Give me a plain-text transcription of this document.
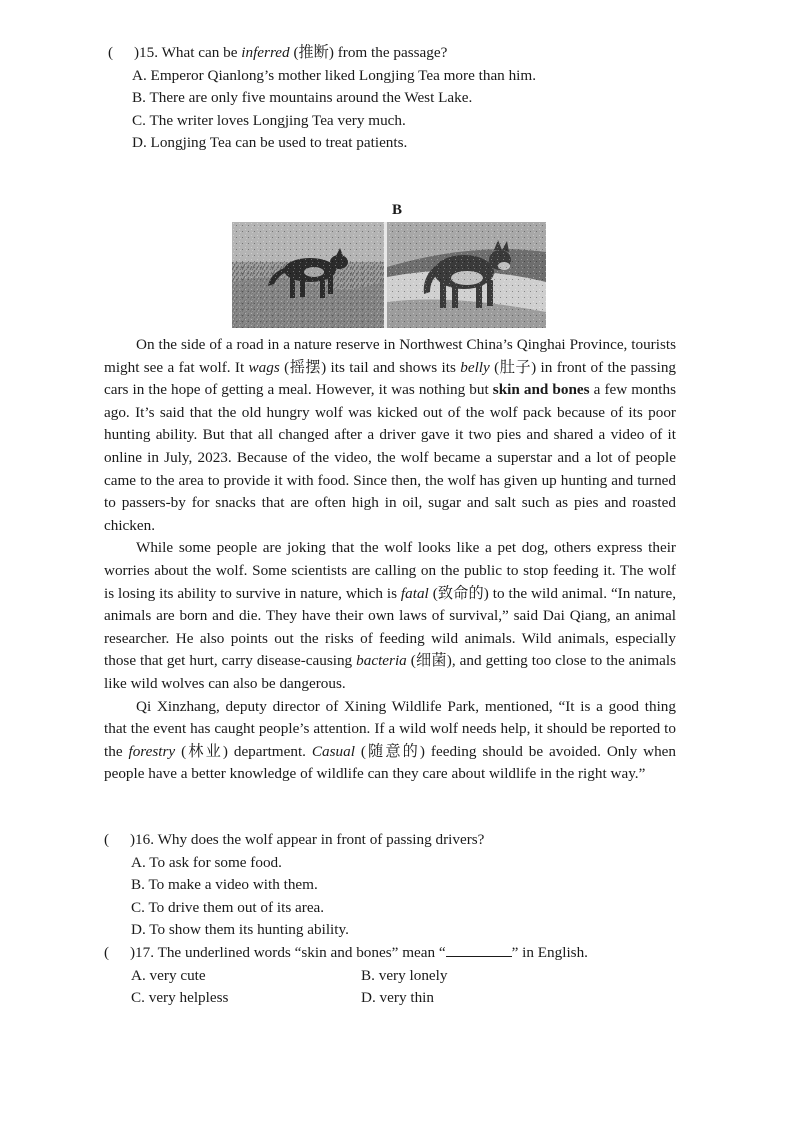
( )15. What can be inferred (推断) from the passage?
A. Emperor Qianlong’s mother liked Longjing Tea more than him.
B. There are only five mountains around the West Lake.
C. The writer loves Longjing Tea very much.
D. Longjing Tea can be used to treat patients.
B

On the side of a road in a nature reserve in Northwest China’s Qinghai Province, tourists might see a fat wolf. It wags (摇摆) its tail and shows its belly (肚子) in front of the passing cars in the hope of getting a meal. However, it was nothing but skin and bones a few months ago. It’s said that the old hungry wolf was kicked out of the wolf pack because of its poor hunting ability. But that all changed after a driver gave it two pies and shared a video of it online in July, 2023. Because of the video, the wolf became a superstar and a lot of people came to the area to provide it with food. Since then, the wolf has given up hunting and turned to passers-by for snacks that are often high in oil, sugar and salt such as pies and roasted chicken.

While some people are joking that the wolf looks like a pet dog, others express their worries about the wolf. Some scientists are calling on the public to stop feeding it. The wolf is losing its ability to survive in nature, which is fatal (致命的) to the wild animal. “In nature, animals are born and die. They have their own laws of survival,” said Dai Qiang, an animal researcher. He also points out the risks of feeding wild animals. Wild animals, especially those that get hurt, carry disease-causing bacteria (细菌), and getting too close to the animals like wild wolves can also be dangerous.

Qi Xinzhang, deputy director of Xining Wildlife Park, mentioned, “It is a good thing that the event has caught people’s attention. If a wild wolf needs help, it should be reported to the forestry (林业) department. Casual (随意的) feeding should be avoided. Only when people have a better knowledge of wildlife can they care about wildlife in the right way.”

( )16. Why does the wolf appear in front of passing drivers?
A. To ask for some food.
B. To make a video with them.
C. To drive them out of its area.
D. To show them its hunting ability.
( )17. The underlined words “skin and bones” mean “	” in English.
A. very cute	B. very lonely
C. very helpless	D. very thin
